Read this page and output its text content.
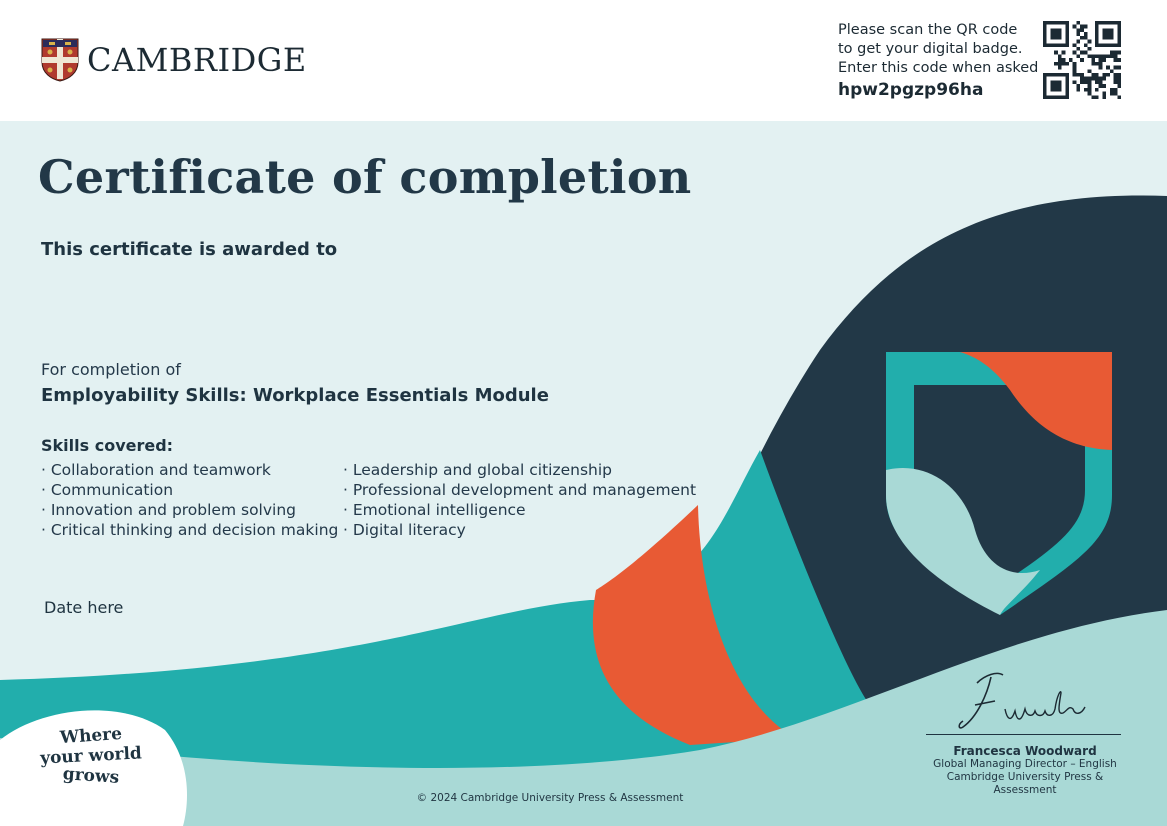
CAMBRIDGE
Please scan the QR code
to get your digital badge.
Enter this code when asked
hpw2pgzp96ha
Certificate of completion
This certificate is awarded to
For completion of
Employability Skills: Workplace Essentials Module
Skills covered:
· Collaboration and teamwork
· Communication
· Innovation and problem solving
· Critical thinking and decision making
· Leadership and global citizenship
· Professional development and management
· Emotional intelligence
· Digital literacy
Date here
Francesca Woodward
Global Managing Director – English
Cambridge University Press & Assessment
© 2024 Cambridge University Press & Assessment
Where
your world
grows
